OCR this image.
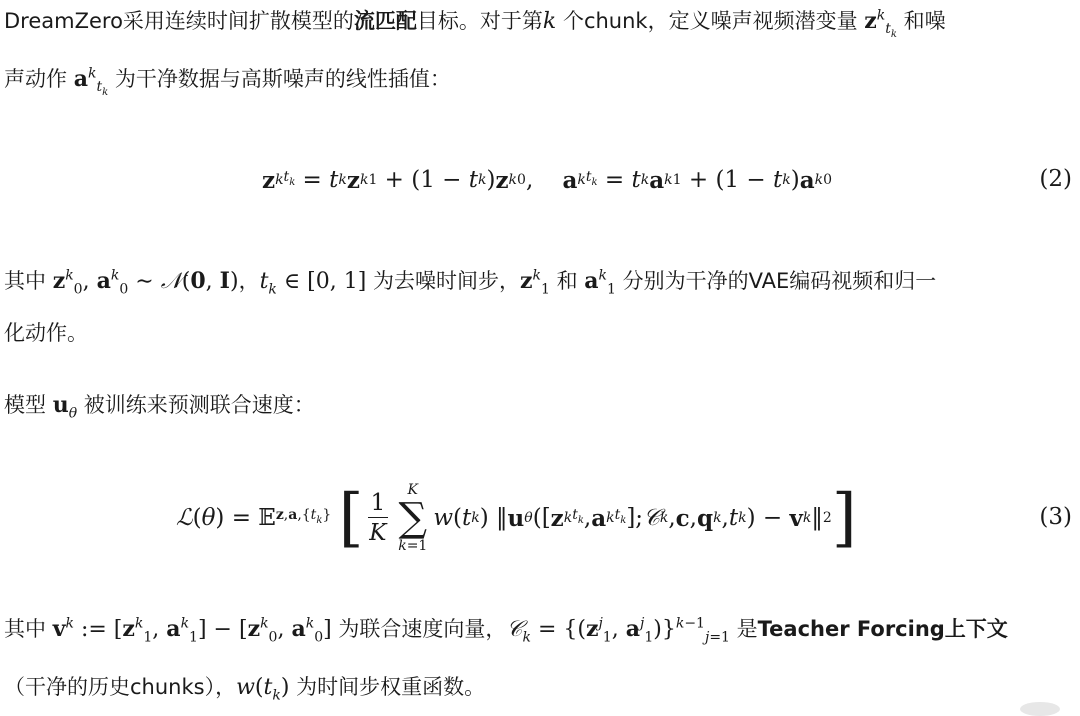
DreamZero采用连续时间扩散模型的流匹配目标。对于第k 个chunk，定义噪声视频潜变量 $z^k_{t_k}$ 和噪
声动作 $a^k_{t_k}$ 为干净数据与高斯噪声的线性插值：
z k $t_k = t$ k z k 1 + (1 − t k ) z k 0 , a k $t_k = t$ k a k 1 + (1 − t k ) a k 0	(2)
其中 $z^k_0$, $a^k_0$ ∼ 𝒩(0, I)，$t_k$ ∈ [0, 1] 为去噪时间步，$z^k_1$ 和 $a^k_1$ 分别为干净的VAE编码视频和归一
化动作。
模型 $u_\theta$ 被训练来预测联合速度：
ℒ ( θ ) = 𝔼 $z,a,\{t_k\}$
[ $\frac{1}{K}$ K
∑
k=1
w ( t k ) ‖ u θ ([ z k $t_k$ , a k $t_k$ ]; 𝒞 k , c , q k , t k ) − v k ‖ 2 ]	(3)
其中 $v^k$ := [$z^k_1$, $a^k_1] - [z^k_0$, $a^k_0$] 为联合速度向量，𝒞$_k$ = {($z^j_1$, $a^j_1)\}^{k-1}_{j=1}$ 是Teacher Forcing上下文
（干净的历史chunks），$w(t_k)$ 为时间步权重函数。
